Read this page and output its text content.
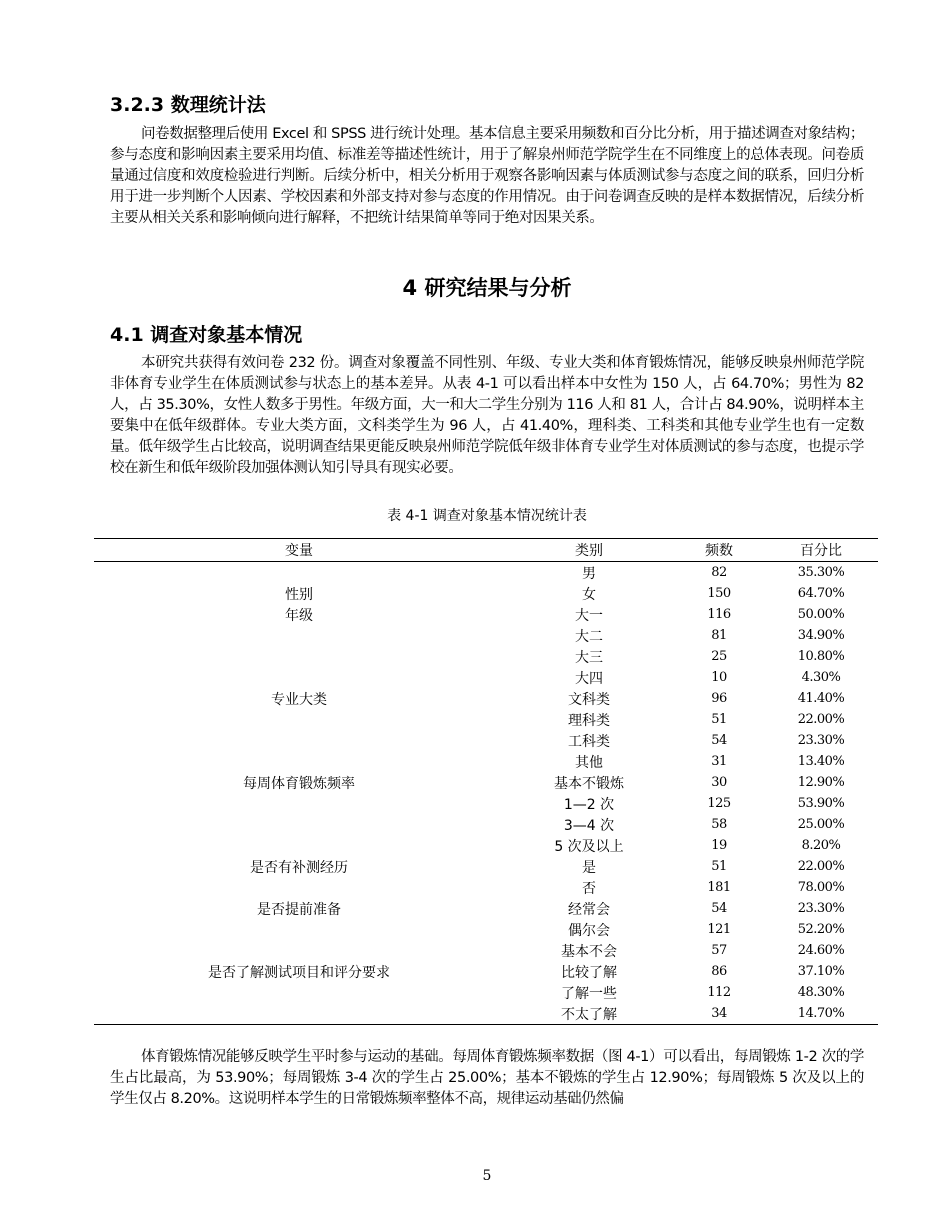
3.2.3 数理统计法

问卷数据整理后使用 Excel 和 SPSS 进行统计处理。基本信息主要采用频数和百分比分析，用于描述调查对象结构；参与态度和影响因素主要采用均值、标准差等描述性统计，用于了解泉州师范学院学生在不同维度上的总体表现。问卷质量通过信度和效度检验进行判断。后续分析中，相关分析用于观察各影响因素与体质测试参与态度之间的联系，回归分析用于进一步判断个人因素、学校因素和外部支持对参与态度的作用情况。由于问卷调查反映的是样本数据情况，后续分析主要从相关关系和影响倾向进行解释，不把统计结果简单等同于绝对因果关系。

4 研究结果与分析
4.1 调查对象基本情况

本研究共获得有效问卷 232 份。调查对象覆盖不同性别、年级、专业大类和体育锻炼情况，能够反映泉州师范学院非体育专业学生在体质测试参与状态上的基本差异。从表 4-1 可以看出样本中女性为 150 人，占 64.70%；男性为 82 人，占 35.30%，女性人数多于男性。年级方面，大一和大二学生分别为 116 人和 81 人，合计占 84.90%，说明样本主要集中在低年级群体。专业大类方面，文科类学生为 96 人，占 41.40%，理科类、工科类和其他专业学生也有一定数量。低年级学生占比较高，说明调查结果更能反映泉州师范学院低年级非体育专业学生对体质测试的参与态度，也提示学校在新生和低年级阶段加强体测认知引导具有现实必要。

表 4-1 调查对象基本情况统计表
变量	类别	频数	百分比
	男	82	35.30%
性别	女	150	64.70%
年级	大一	116	50.00%
	大二	81	34.90%
	大三	25	10.80%
	大四	10	4.30%
专业大类	文科类	96	41.40%
	理科类	51	22.00%
	工科类	54	23.30%
	其他	31	13.40%
每周体育锻炼频率	基本不锻炼	30	12.90%
	1—2 次	125	53.90%
	3—4 次	58	25.00%
	5 次及以上	19	8.20%
是否有补测经历	是	51	22.00%
	否	181	78.00%
是否提前准备	经常会	54	23.30%
	偶尔会	121	52.20%
	基本不会	57	24.60%
是否了解测试项目和评分要求	比较了解	86	37.10%
	了解一些	112	48.30%
	不太了解	34	14.70%

体育锻炼情况能够反映学生平时参与运动的基础。每周体育锻炼频率数据（图 4-1）可以看出，每周锻炼 1-2 次的学生占比最高，为 53.90%；每周锻炼 3-4 次的学生占 25.00%；基本不锻炼的学生占 12.90%；每周锻炼 5 次及以上的学生仅占 8.20%。这说明样本学生的日常锻炼频率整体不高，规律运动基础仍然偏

5
